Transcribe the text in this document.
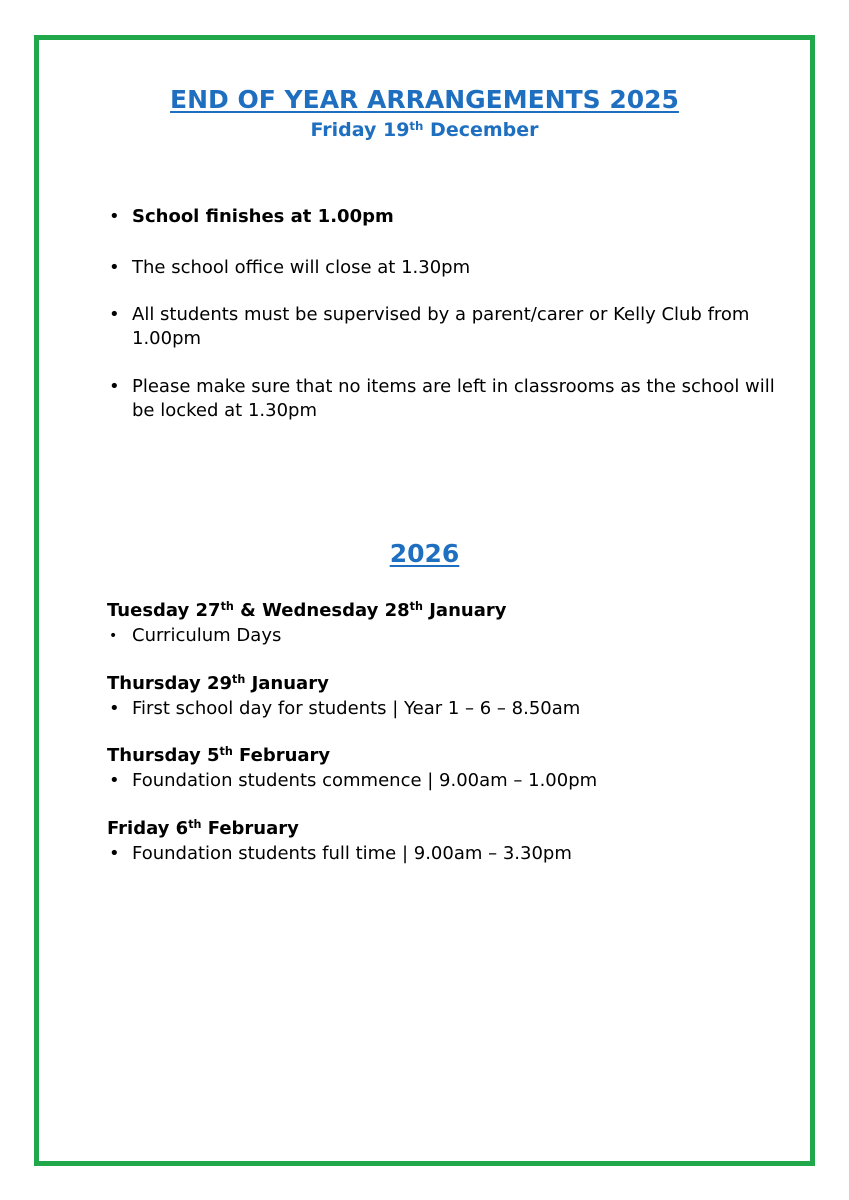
END OF YEAR ARRANGEMENTS 2025
Friday 19th December
• School finishes at 1.00pm
• The school office will close at 1.30pm
• All students must be supervised by a parent/carer or Kelly Club from
1.00pm
• Please make sure that no items are left in classrooms as the school will
be locked at 1.30pm
2026
Tuesday 27th & Wednesday 28th January
• Curriculum Days
Thursday 29th January
• First school day for students | Year 1 – 6 – 8.50am
Thursday 5th February
• Foundation students commence | 9.00am – 1.00pm
Friday 6th February
• Foundation students full time | 9.00am – 3.30pm
